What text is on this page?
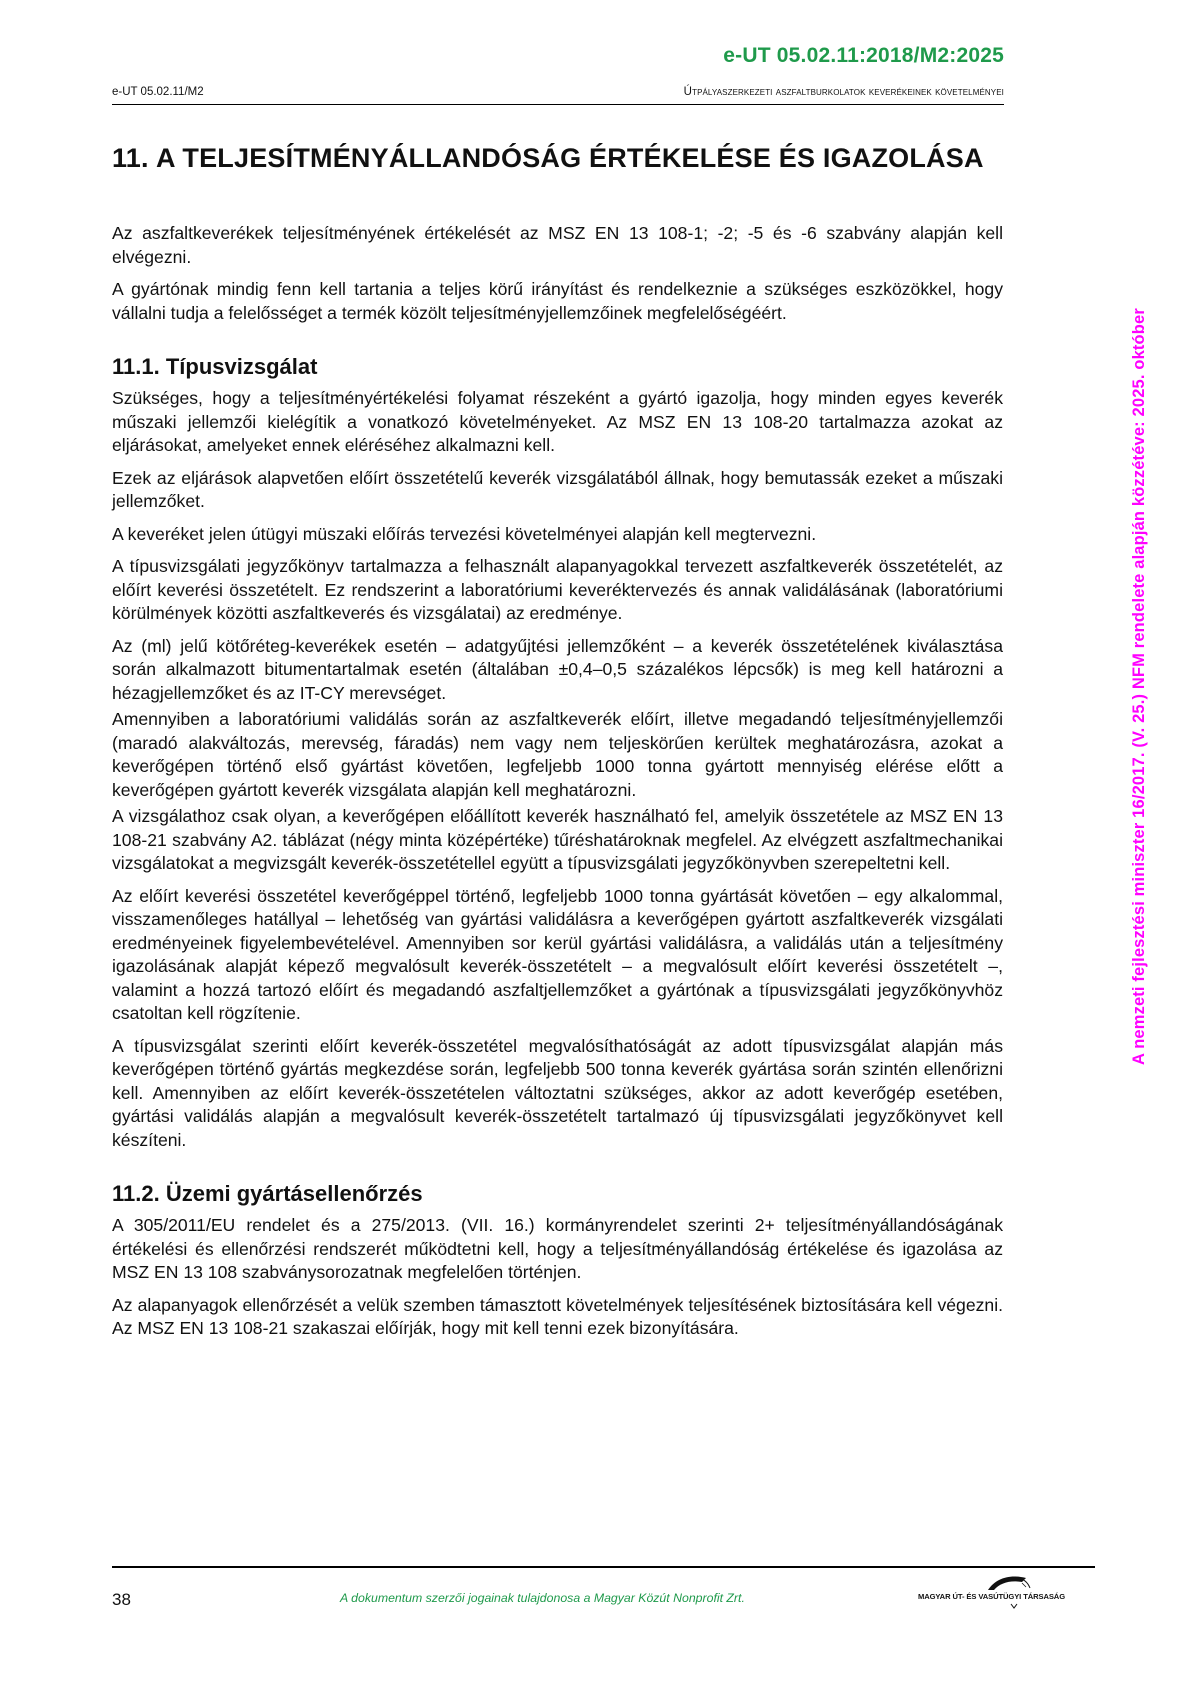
e-UT 05.02.11:2018/M2:2025
e-UT 05.02.11/M2	Útpályaszerkezeti aszfaltburkolatok keverékeinek követelményei
A nemzeti fejlesztési miniszter 16/2017. (V. 25.) NFM rendelete alapján közzétéve: 2025. október
11. A TELJESÍTMÉNYÁLLANDÓSÁG ÉRTÉKELÉSE ÉS IGAZOLÁSA

Az aszfaltkeverékek teljesítményének értékelését az MSZ EN 13 108-1; -2; -5 és -6 szabvány alapján kell elvégezni.

A gyártónak mindig fenn kell tartania a teljes körű irányítást és rendelkeznie a szükséges eszközökkel, hogy vállalni tudja a felelősséget a termék közölt teljesítményjellemzőinek megfelelőségéért.

11.1. Típusvizsgálat

Szükséges, hogy a teljesítményértékelési folyamat részeként a gyártó igazolja, hogy minden egyes keverék műszaki jellemzői kielégítik a vonatkozó követelményeket. Az MSZ EN 13 108-20 tartalmazza azokat az eljárásokat, amelyeket ennek eléréséhez alkalmazni kell.

Ezek az eljárások alapvetően előírt összetételű keverék vizsgálatából állnak, hogy bemutassák ezeket a műszaki jellemzőket.

A keveréket jelen útügyi müszaki előírás tervezési követelményei alapján kell megtervezni.

A típusvizsgálati jegyzőkönyv tartalmazza a felhasznált alapanyagokkal tervezett aszfaltkeverék összetételét, az előírt keverési összetételt. Ez rendszerint a laboratóriumi keveréktervezés és annak validálásának (laboratóriumi körülmények közötti aszfaltkeverés és vizsgálatai) az eredménye.

Az (ml) jelű kötőréteg-keverékek esetén – adatgyűjtési jellemzőként – a keverék összetételének kiválasztása során alkalmazott bitumentartalmak esetén (általában ±0,4–0,5 százalékos lépcsők) is meg kell határozni a hézagjellemzőket és az IT-CY merevséget.

Amennyiben a laboratóriumi validálás során az aszfaltkeverék előírt, illetve megadandó teljesítményjellemzői (maradó alakváltozás, merevség, fáradás) nem vagy nem teljeskörűen kerültek meghatározásra, azokat a keverőgépen történő első gyártást követően, legfeljebb 1000 tonna gyártott mennyiség elérése előtt a keverőgépen gyártott keverék vizsgálata alapján kell meghatározni.

A vizsgálathoz csak olyan, a keverőgépen előállított keverék használható fel, amelyik összetétele az MSZ EN 13 108-21 szabvány A2. táblázat (négy minta középértéke) tűréshatároknak megfelel. Az elvégzett aszfaltmechanikai vizsgálatokat a megvizsgált keverék-összetétellel együtt a típusvizsgálati jegyzőkönyvben szerepeltetni kell.

Az előírt keverési összetétel keverőgéppel történő, legfeljebb 1000 tonna gyártását követően – egy alkalommal, visszamenőleges hatállyal – lehetőség van gyártási validálásra a keverőgépen gyártott aszfaltkeverék vizsgálati eredményeinek figyelembevételével. Amennyiben sor kerül gyártási validálásra, a validálás után a teljesítmény igazolásának alapját képező megvalósult keverék-összetételt – a megvalósult előírt keverési összetételt –, valamint a hozzá tartozó előírt és megadandó aszfaltjellemzőket a gyártónak a típusvizsgálati jegyzőkönyvhöz csatoltan kell rögzítenie.

A típusvizsgálat szerinti előírt keverék-összetétel megvalósíthatóságát az adott típusvizsgálat alapján más keverőgépen történő gyártás megkezdése során, legfeljebb 500 tonna keverék gyártása során szintén ellenőrizni kell. Amennyiben az előírt keverék-összetételen változtatni szükséges, akkor az adott keverőgép esetében, gyártási validálás alapján a megvalósult keverék-összetételt tartalmazó új típusvizsgálati jegyzőkönyvet kell készíteni.

11.2. Üzemi gyártásellenőrzés

A 305/2011/EU rendelet és a 275/2013. (VII. 16.) kormányrendelet szerinti 2+ teljesítményállandóságának értékelési és ellenőrzési rendszerét működtetni kell, hogy a teljesítményállandóság értékelése és igazolása az MSZ EN 13 108 szabványsorozatnak megfelelően történjen.

Az alapanyagok ellenőrzését a velük szemben támasztott követelmények teljesítésének biztosítására kell végezni. Az MSZ EN 13 108-21 szakaszai előírják, hogy mit kell tenni ezek bizonyítására.

38	A dokumentum szerzői jogainak tulajdonosa a Magyar Közút Nonprofit Zrt.	MAGYAR ÚT- ÉS VASÚTÜGYI TÁRSASÁG
